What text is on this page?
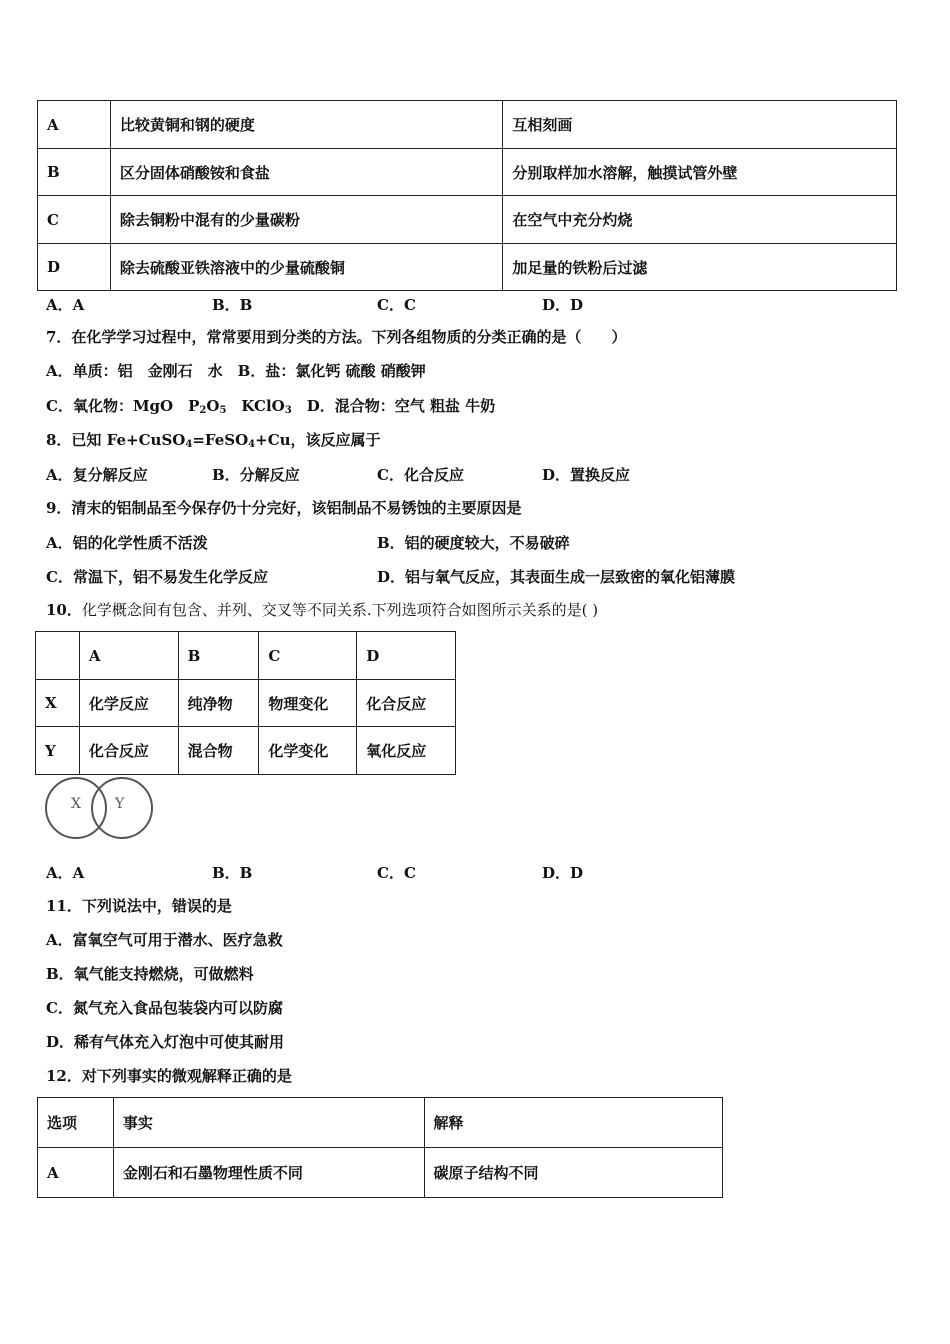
A	比较黄铜和钢的硬度	互相刻画
B	区分固体硝酸铵和食盐	分别取样加水溶解，触摸试管外壁
C	除去铜粉中混有的少量碳粉	在空气中充分灼烧
D	除去硫酸亚铁溶液中的少量硫酸铜	加足量的铁粉后过滤
A．A	B．B	C．C	D．D
7．在化学学习过程中，常常要用到分类的方法。下列各组物质的分类正确的是（　　）
A．单质：铝　金刚石　水　B．盐：氯化钙 硫酸 硝酸钾
C．氧化物：MgO　$P_2O_5$　KClO$_3$　D．混合物：空气 粗盐 牛奶
8．已知 Fe+CuSO$_4$=FeSO$_4$+Cu，该反应属于
A．复分解反应	B．分解反应	C．化合反应	D．置换反应
9．清末的铝制品至今保存仍十分完好，该铝制品不易锈蚀的主要原因是
A．铝的化学性质不活泼	B．铝的硬度较大，不易破碎
C．常温下，铝不易发生化学反应	D．铝与氧气反应，其表面生成一层致密的氧化铝薄膜
10．化学概念间有包含、并列、交叉等不同关系.下列选项符合如图所示关系的是( )
	A	B	C	D
X	化学反应	纯净物	物理变化	化合反应
Y	化合反应	混合物	化学变化	氧化反应
X Y
A．A	B．B	C．C	D．D
11．下列说法中，错误的是
A．富氧空气可用于潜水、医疗急救
B．氧气能支持燃烧，可做燃料
C．氮气充入食品包装袋内可以防腐
D．稀有气体充入灯泡中可使其耐用
12．对下列事实的微观解释正确的是
选项	事实	解释
A	金刚石和石墨物理性质不同	碳原子结构不同
